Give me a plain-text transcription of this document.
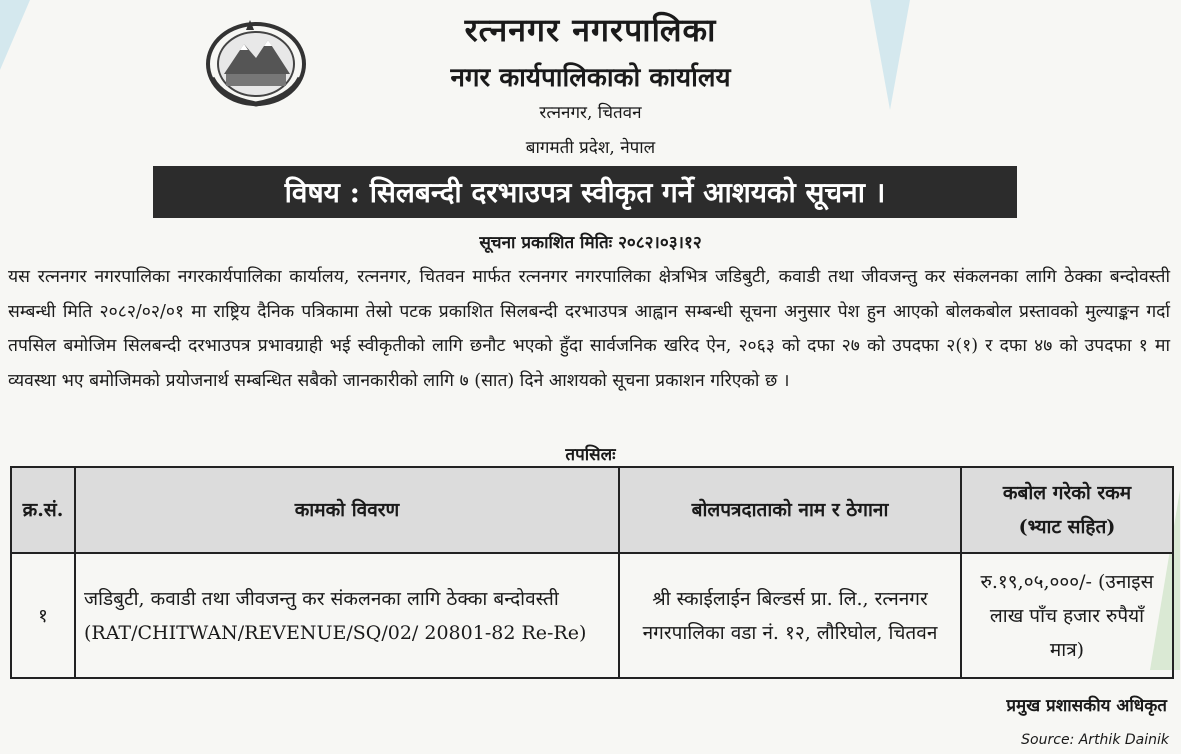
रत्ननगर नगरपालिका
नगर कार्यपालिकाको कार्यालय
रत्ननगर, चितवन
बागमती प्रदेश, नेपाल
विषय : सिलबन्दी दरभाउपत्र स्वीकृत गर्ने आशयको सूचना ।
सूचना प्रकाशित मितिः २०८२।०३।१२
यस रत्ननगर नगरपालिका नगरकार्यपालिका कार्यालय, रत्ननगर, चितवन मार्फत रत्ननगर नगरपालिका क्षेत्रभित्र जडिबुटी, कवाडी तथा जीवजन्तु कर संकलनका लागि ठेक्का बन्दोवस्ती सम्बन्धी मिति २०८२/०२/०१ मा राष्ट्रिय दैनिक पत्रिकामा तेस्रो पटक प्रकाशित सिलबन्दी दरभाउपत्र आह्वान सम्बन्धी सूचना अनुसार पेश हुन आएको बोलकबोल प्रस्तावको मुल्याङ्कन गर्दा तपसिल बमोजिम सिलबन्दी दरभाउपत्र प्रभावग्राही भई स्वीकृतीको लागि छनौट भएको हुँदा सार्वजनिक खरिद ऐन, २०६३ को दफा २७ को उपदफा २(१) र दफा ४७ को उपदफा १ मा व्यवस्था भए बमोजिमको प्रयोजनार्थ सम्बन्धित सबैको जानकारीको लागि ७ (सात) दिने आशयको सूचना प्रकाशन गरिएको छ ।
तपसिलः
क्र.सं.	कामको विवरण	बोलपत्रदाताको नाम र ठेगाना	कबोल गरेको रकम (भ्याट सहित)
१	जडिबुटी, कवाडी तथा जीवजन्तु कर संकलनका लागि ठेक्का बन्दोवस्ती (RAT/CHITWAN/REVENUE/SQ/02/ 20801-82 Re-Re)	श्री स्काईलाईन बिल्डर्स प्रा. लि., रत्ननगर नगरपालिका वडा नं. १२, लौरिघोल, चितवन	रु.१९,०५,०००/- (उनाइस लाख पाँच हजार रुपैयाँ मात्र)
प्रमुख प्रशासकीय अधिकृत
Source: Arthik Dainik
